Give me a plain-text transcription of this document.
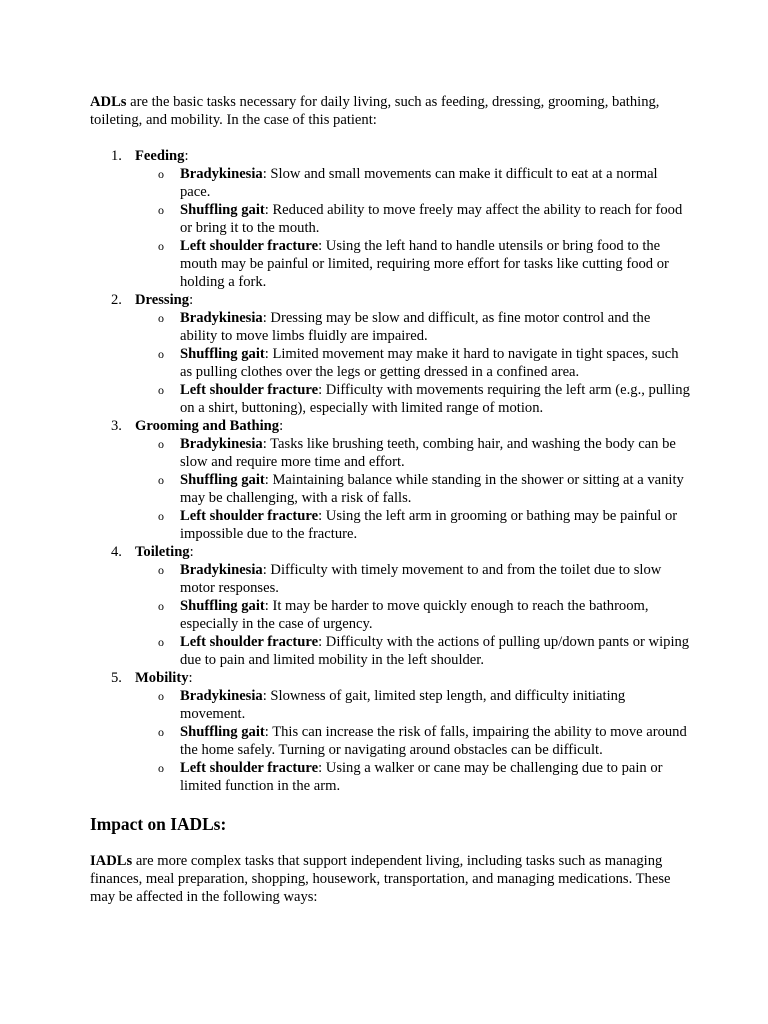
ADLs are the basic tasks necessary for daily living, such as feeding, dressing, grooming, bathing, toileting, and mobility. In the case of this patient:

1. Feeding:
o Bradykinesia: Slow and small movements can make it difficult to eat at a normal pace.
o Shuffling gait: Reduced ability to move freely may affect the ability to reach for food or bring it to the mouth.
o Left shoulder fracture: Using the left hand to handle utensils or bring food to the mouth may be painful or limited, requiring more effort for tasks like cutting food or holding a fork.
2. Dressing:
o Bradykinesia: Dressing may be slow and difficult, as fine motor control and the ability to move limbs fluidly are impaired.
o Shuffling gait: Limited movement may make it hard to navigate in tight spaces, such as pulling clothes over the legs or getting dressed in a confined area.
o Left shoulder fracture: Difficulty with movements requiring the left arm (e.g., pulling on a shirt, buttoning), especially with limited range of motion.
3. Grooming and Bathing:
o Bradykinesia: Tasks like brushing teeth, combing hair, and washing the body can be slow and require more time and effort.
o Shuffling gait: Maintaining balance while standing in the shower or sitting at a vanity may be challenging, with a risk of falls.
o Left shoulder fracture: Using the left arm in grooming or bathing may be painful or impossible due to the fracture.
4. Toileting:
o Bradykinesia: Difficulty with timely movement to and from the toilet due to slow motor responses.
o Shuffling gait: It may be harder to move quickly enough to reach the bathroom, especially in the case of urgency.
o Left shoulder fracture: Difficulty with the actions of pulling up/down pants or wiping due to pain and limited mobility in the left shoulder.
5. Mobility:
o Bradykinesia: Slowness of gait, limited step length, and difficulty initiating movement.
o Shuffling gait: This can increase the risk of falls, impairing the ability to move around the home safely. Turning or navigating around obstacles can be difficult.
o Left shoulder fracture: Using a walker or cane may be challenging due to pain or limited function in the arm.
Impact on IADLs:

IADLs are more complex tasks that support independent living, including tasks such as managing finances, meal preparation, shopping, housework, transportation, and managing medications. These may be affected in the following ways:
